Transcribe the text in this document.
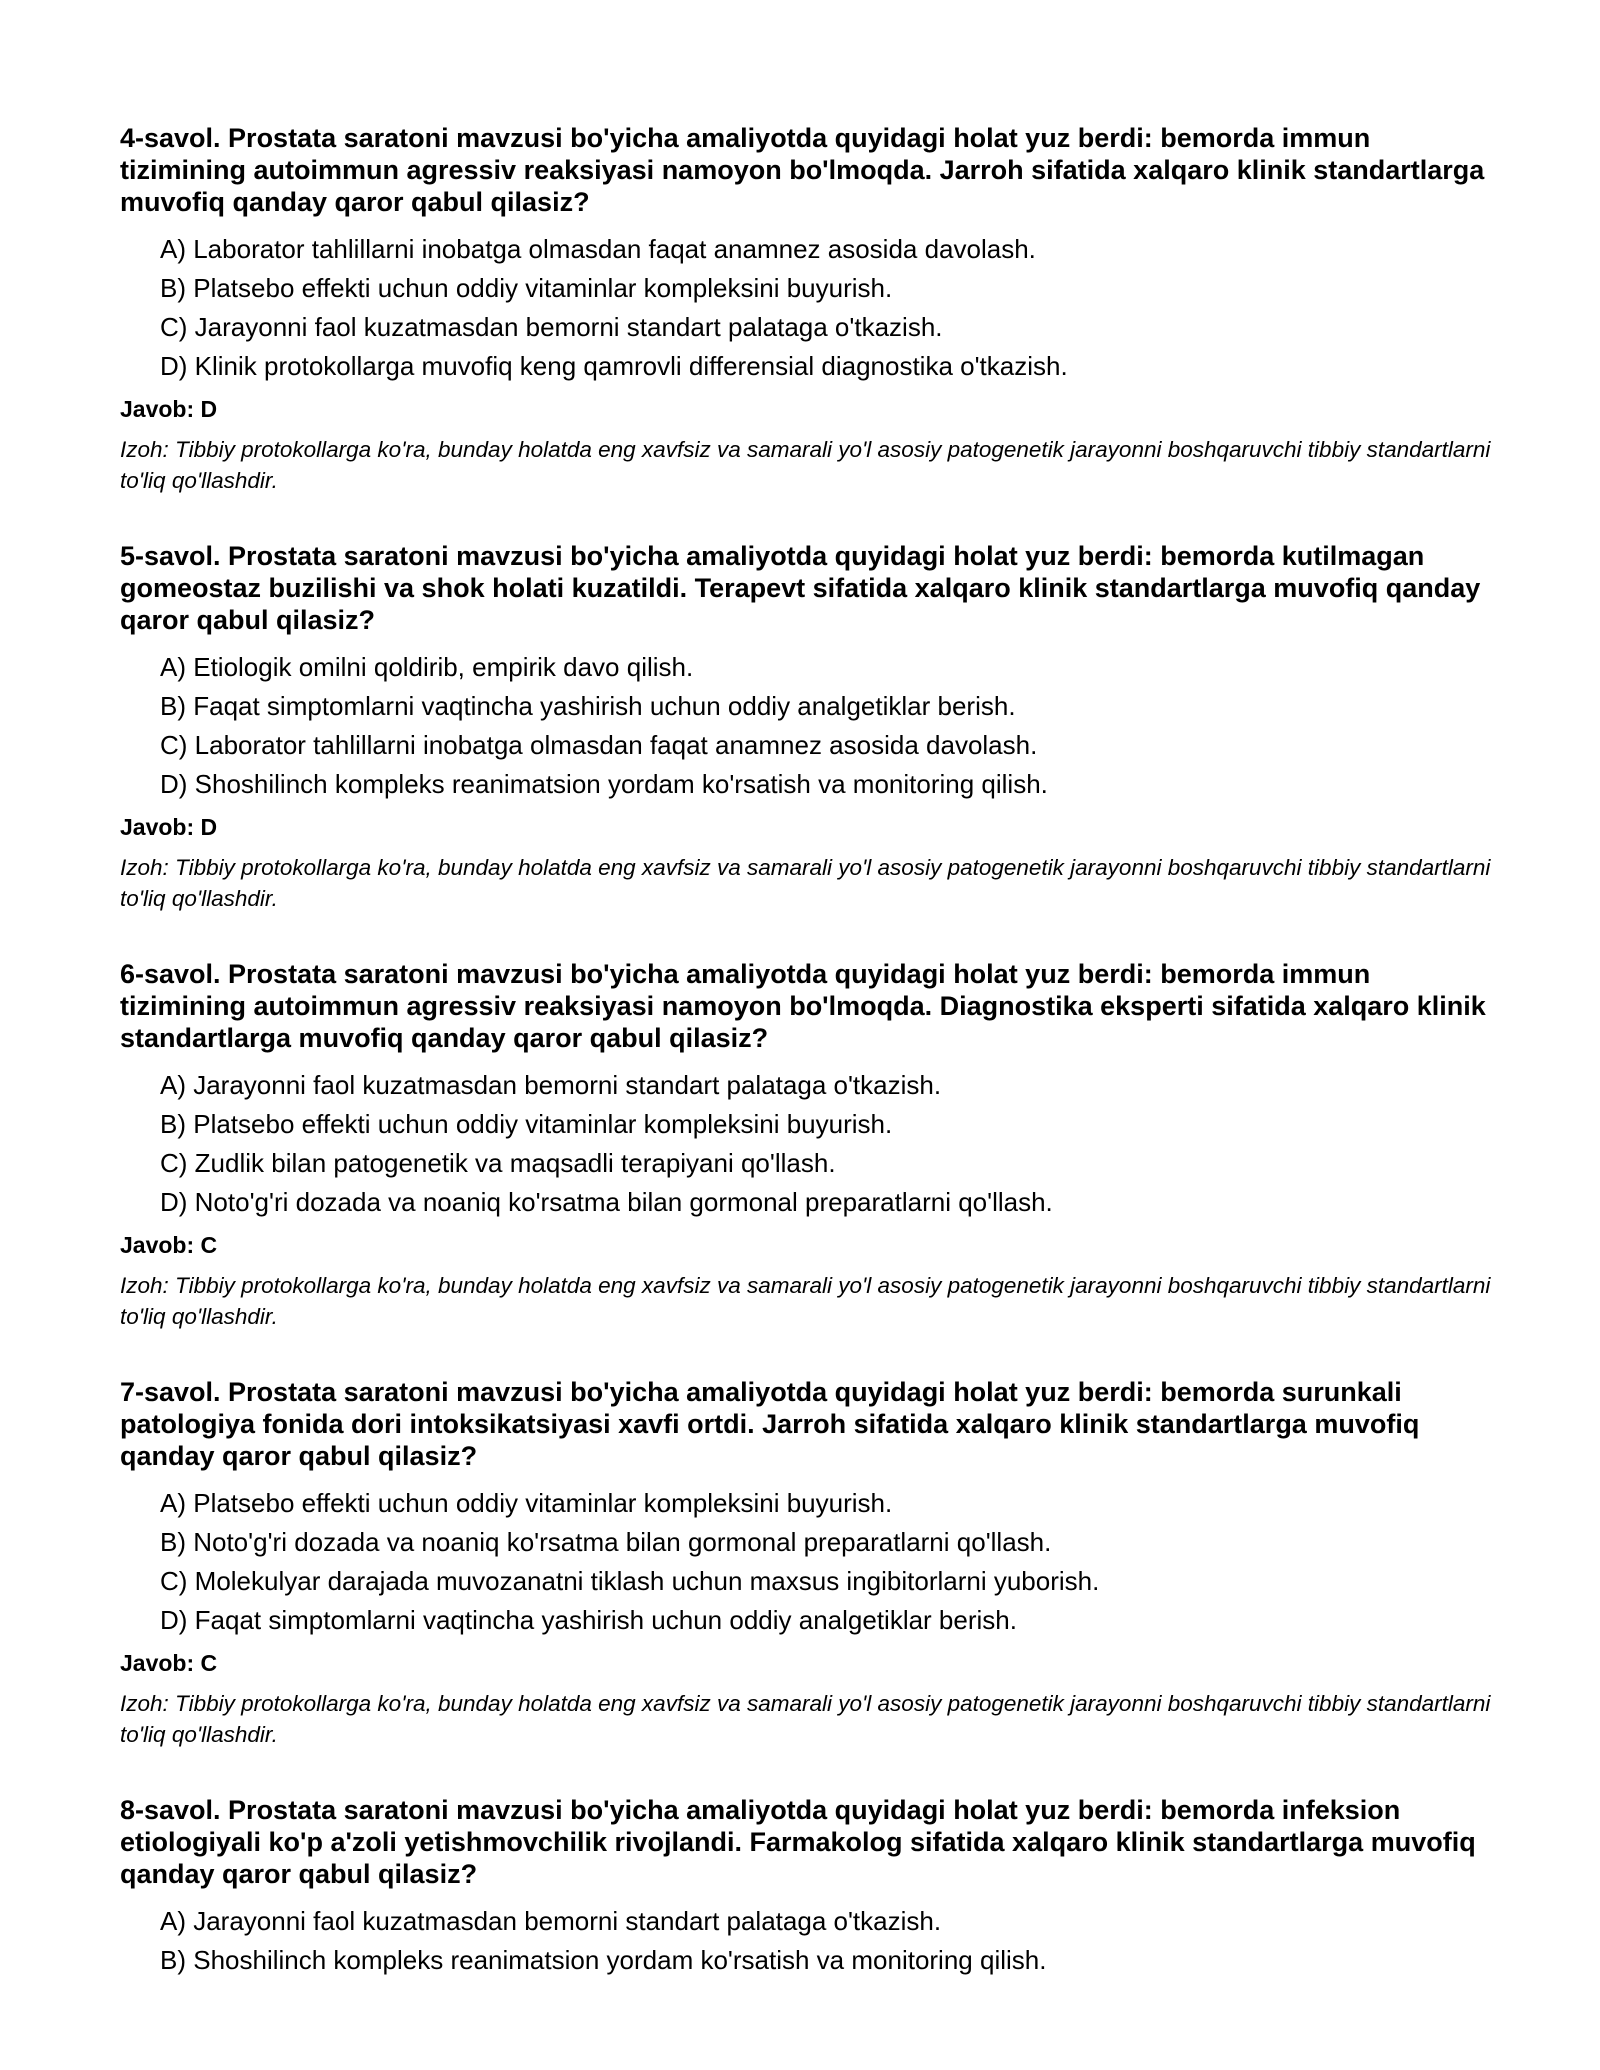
4-savol. Prostata saratoni mavzusi bo'yicha amaliyotda quyidagi holat yuz berdi: bemorda immun tizimining autoimmun agressiv reaksiyasi namoyon bo'lmoqda. Jarroh sifatida xalqaro klinik standartlarga muvofiq qanday qaror qabul qilasiz?
A) Laborator tahlillarni inobatga olmasdan faqat anamnez asosida davolash.
B) Platsebo effekti uchun oddiy vitaminlar kompleksini buyurish.
C) Jarayonni faol kuzatmasdan bemorni standart palataga o'tkazish.
D) Klinik protokollarga muvofiq keng qamrovli differensial diagnostika o'tkazish.
Javob: D
Izoh: Tibbiy protokollarga ko'ra, bunday holatda eng xavfsiz va samarali yo'l asosiy patogenetik jarayonni boshqaruvchi tibbiy standartlarni to'liq qo'llashdir.
5-savol. Prostata saratoni mavzusi bo'yicha amaliyotda quyidagi holat yuz berdi: bemorda kutilmagan gomeostaz buzilishi va shok holati kuzatildi. Terapevt sifatida xalqaro klinik standartlarga muvofiq qanday qaror qabul qilasiz?
A) Etiologik omilni qoldirib, empirik davo qilish.
B) Faqat simptomlarni vaqtincha yashirish uchun oddiy analgetiklar berish.
C) Laborator tahlillarni inobatga olmasdan faqat anamnez asosida davolash.
D) Shoshilinch kompleks reanimatsion yordam ko'rsatish va monitoring qilish.
Javob: D
Izoh: Tibbiy protokollarga ko'ra, bunday holatda eng xavfsiz va samarali yo'l asosiy patogenetik jarayonni boshqaruvchi tibbiy standartlarni to'liq qo'llashdir.
6-savol. Prostata saratoni mavzusi bo'yicha amaliyotda quyidagi holat yuz berdi: bemorda immun tizimining autoimmun agressiv reaksiyasi namoyon bo'lmoqda. Diagnostika eksperti sifatida xalqaro klinik standartlarga muvofiq qanday qaror qabul qilasiz?
A) Jarayonni faol kuzatmasdan bemorni standart palataga o'tkazish.
B) Platsebo effekti uchun oddiy vitaminlar kompleksini buyurish.
C) Zudlik bilan patogenetik va maqsadli terapiyani qo'llash.
D) Noto'g'ri dozada va noaniq ko'rsatma bilan gormonal preparatlarni qo'llash.
Javob: C
Izoh: Tibbiy protokollarga ko'ra, bunday holatda eng xavfsiz va samarali yo'l asosiy patogenetik jarayonni boshqaruvchi tibbiy standartlarni to'liq qo'llashdir.
7-savol. Prostata saratoni mavzusi bo'yicha amaliyotda quyidagi holat yuz berdi: bemorda surunkali patologiya fonida dori intoksikatsiyasi xavfi ortdi. Jarroh sifatida xalqaro klinik standartlarga muvofiq qanday qaror qabul qilasiz?
A) Platsebo effekti uchun oddiy vitaminlar kompleksini buyurish.
B) Noto'g'ri dozada va noaniq ko'rsatma bilan gormonal preparatlarni qo'llash.
C) Molekulyar darajada muvozanatni tiklash uchun maxsus ingibitorlarni yuborish.
D) Faqat simptomlarni vaqtincha yashirish uchun oddiy analgetiklar berish.
Javob: C
Izoh: Tibbiy protokollarga ko'ra, bunday holatda eng xavfsiz va samarali yo'l asosiy patogenetik jarayonni boshqaruvchi tibbiy standartlarni to'liq qo'llashdir.
8-savol. Prostata saratoni mavzusi bo'yicha amaliyotda quyidagi holat yuz berdi: bemorda infeksion etiologiyali ko'p a'zoli yetishmovchilik rivojlandi. Farmakolog sifatida xalqaro klinik standartlarga muvofiq qanday qaror qabul qilasiz?
A) Jarayonni faol kuzatmasdan bemorni standart palataga o'tkazish.
B) Shoshilinch kompleks reanimatsion yordam ko'rsatish va monitoring qilish.
